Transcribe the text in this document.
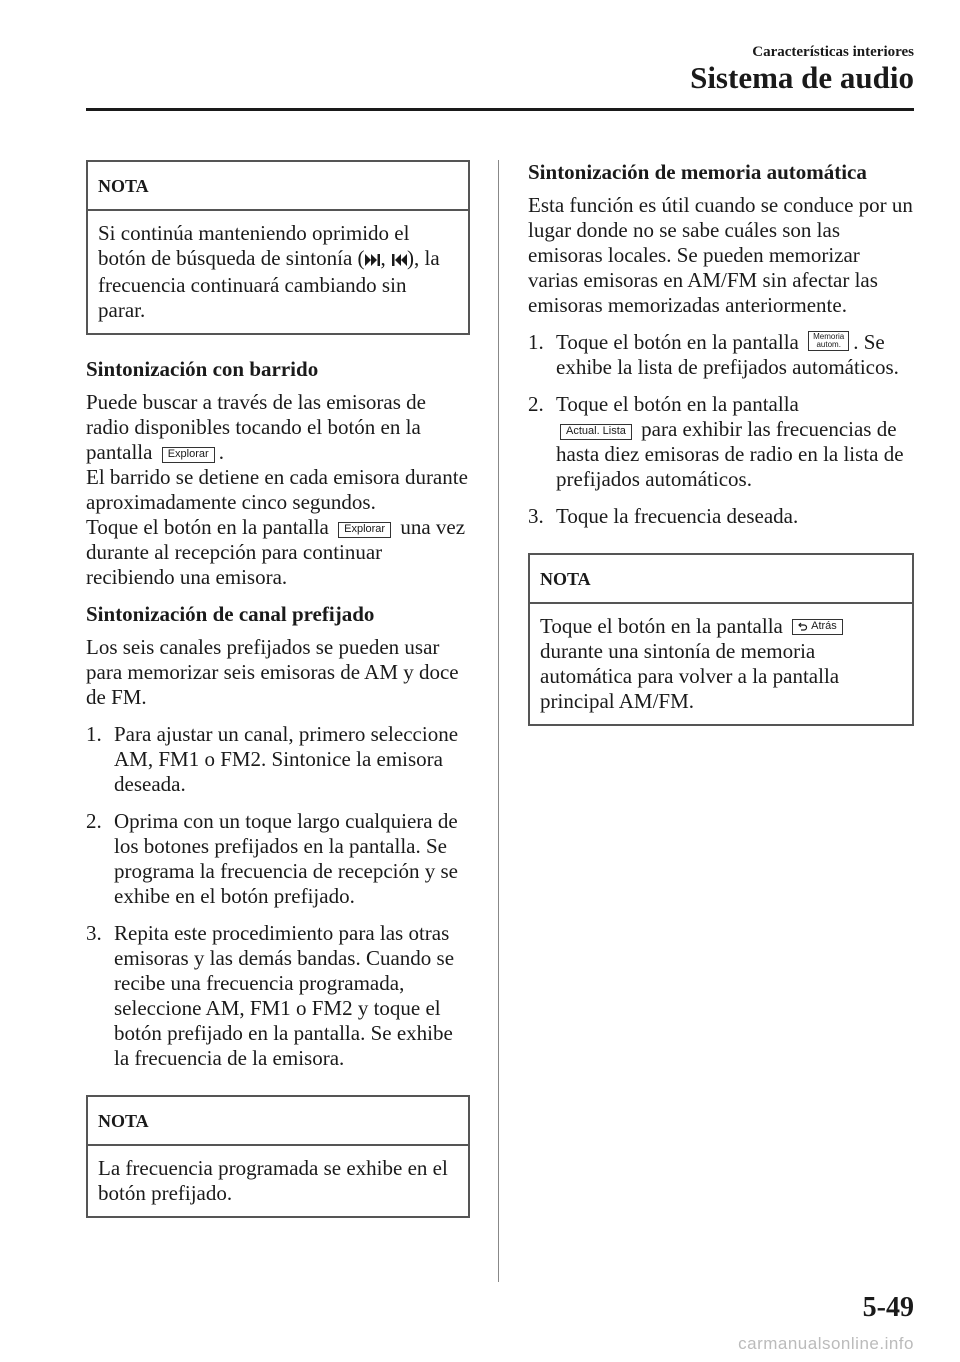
Características interiores
Sistema de audio
NOTA
Si continúa manteniendo oprimido el botón de búsqueda de sintonía ( , ), la frecuencia continuará cambiando sin parar.
Sintonización con barrido

Puede buscar a través de las emisoras de radio disponibles tocando el botón en la pantalla Explorar .
El barrido se detiene en cada emisora durante aproximadamente cinco segundos.
Toque el botón en la pantalla Explorar una vez durante al recepción para continuar recibiendo una emisora.

Sintonización de canal prefijado

Los seis canales prefijados se pueden usar para memorizar seis emisoras de AM y doce de FM.

1. Para ajustar un canal, primero seleccione AM, FM1 o FM2. Sintonice la emisora deseada.
2. Oprima con un toque largo cualquiera de los botones prefijados en la pantalla. Se programa la frecuencia de recepción y se exhibe en el botón prefijado.
3. Repita este procedimiento para las otras emisoras y las demás bandas. Cuando se recibe una frecuencia programada, seleccione AM, FM1 o FM2 y toque el botón prefijado en la pantalla. Se exhibe la frecuencia de la emisora.
NOTA
La frecuencia programada se exhibe en el botón prefijado.
Sintonización de memoria automática

Esta función es útil cuando se conduce por un lugar donde no se sabe cuáles son las emisoras locales. Se pueden memorizar varias emisoras en AM/FM sin afectar las emisoras memorizadas anteriormente.

1. Toque el botón en la pantalla Memoria
autom. . Se exhibe la lista de prefijados automáticos.
2. Toque el botón en la pantalla
Actual. Lista para exhibir las frecuencias de hasta diez emisoras de radio en la lista de prefijados automáticos.
3. Toque la frecuencia deseada.
NOTA
Toque el botón en la pantalla	Atrás
durante una sintonía de memoria automática para volver a la pantalla principal AM/FM.
5-49
carmanualsonline.info
